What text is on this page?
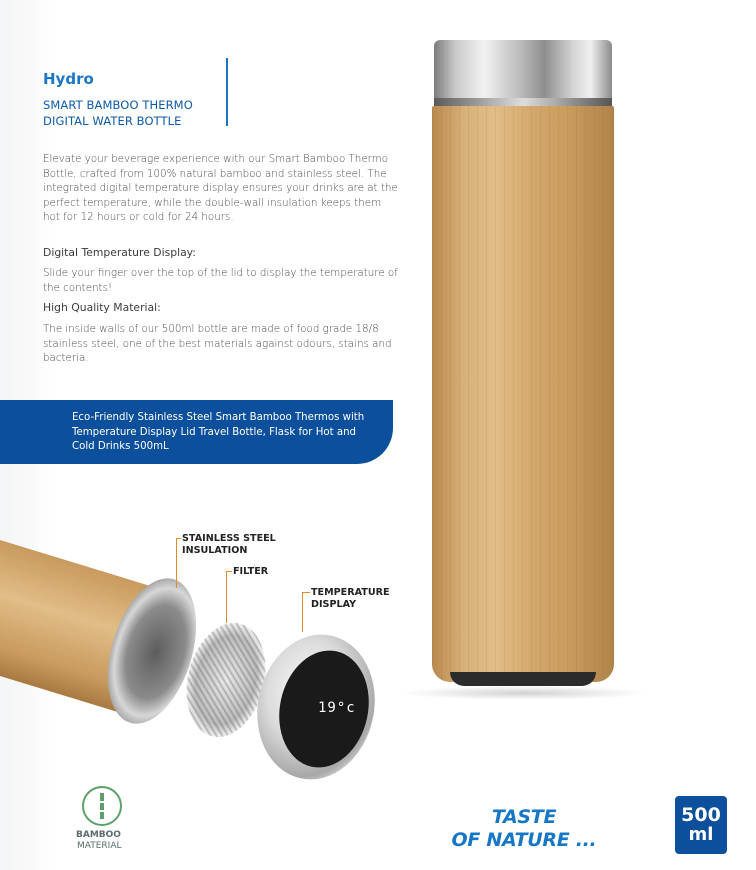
Hydro
SMART BAMBOO THERMO
DIGITAL WATER BOTTLE

Elevate your beverage experience with our Smart Bamboo Thermo Bottle, crafted from 100% natural bamboo and stainless steel. The integrated digital temperature display ensures your drinks are at the perfect temperature, while the double-wall insulation keeps them hot for 12 hours or cold for 24 hours.

Digital Temperature Display:

Slide your finger over the top of the lid to display the temperature of the contents!

High Quality Material:

The inside walls of our 500ml bottle are made of food grade 18/8 stainless steel, one of the best materials against odours, stains and bacteria.

Eco-Friendly Stainless Steel Smart Bamboo Thermos with Temperature Display Lid Travel Bottle, Flask for Hot and Cold Drinks 500mL
19°c
STAINLESS STEEL
INSULATION
FILTER
TEMPERATURE
DISPLAY
BAMBOO
MATERIAL
TASTE
OF NATURE ...
500
ml
